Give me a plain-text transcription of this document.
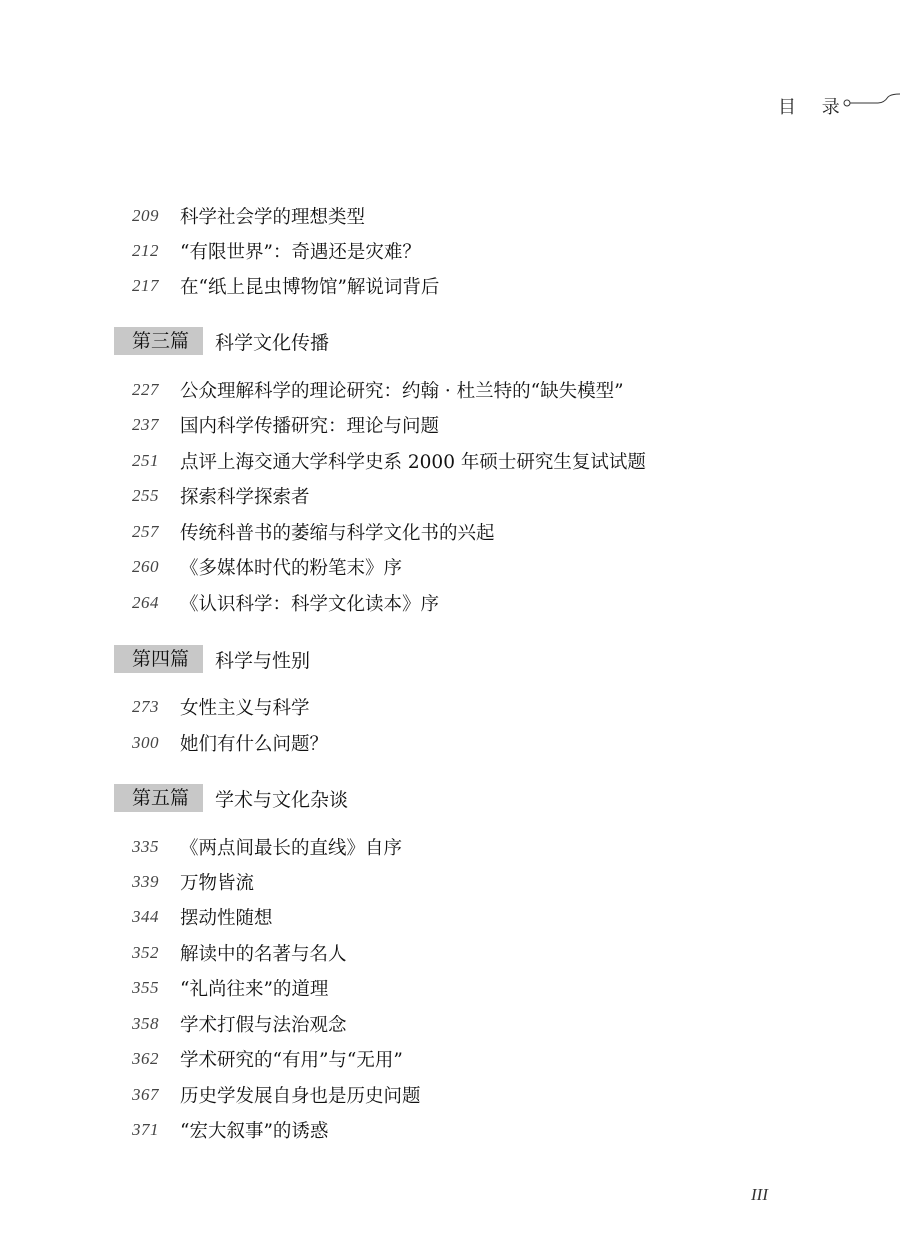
目 录
209	科学社会学的理想类型
212	“有限世界”：奇遇还是灾难？
217	在“纸上昆虫博物馆”解说词背后
第三篇	科学文化传播
227	公众理解科学的理论研究：约翰 · 杜兰特的“缺失模型”
237	国内科学传播研究：理论与问题
251	点评上海交通大学科学史系 2000 年硕士研究生复试试题
255	探索科学探索者
257	传统科普书的萎缩与科学文化书的兴起
260	《多媒体时代的粉笔末》序
264	《认识科学：科学文化读本》序
第四篇	科学与性别
273	女性主义与科学
300	她们有什么问题？
第五篇	学术与文化杂谈
335	《两点间最长的直线》自序
339	万物皆流
344	摆动性随想
352	解读中的名著与名人
355	“礼尚往来”的道理
358	学术打假与法治观念
362	学术研究的“有用”与“无用”
367	历史学发展自身也是历史问题
371	“宏大叙事”的诱惑
III
